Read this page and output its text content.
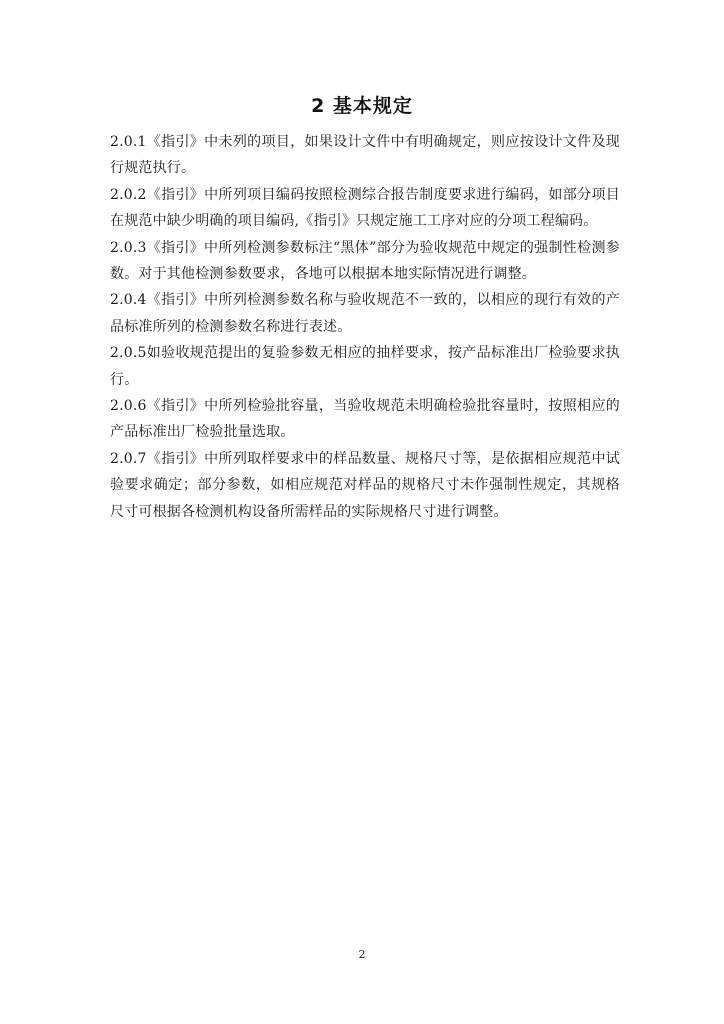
2 基本规定

2.0.1《指引》中未列的项目，如果设计文件中有明确规定，则应按设计文件及现行规范执行。

2.0.2《指引》中所列项目编码按照检测综合报告制度要求进行编码，如部分项目在规范中缺少明确的项目编码,《指引》只规定施工工序对应的分项工程编码。

2.0.3《指引》中所列检测参数标注“黑体”部分为验收规范中规定的强制性检测参数。对于其他检测参数要求，各地可以根据本地实际情况进行调整。

2.0.4《指引》中所列检测参数名称与验收规范不一致的，以相应的现行有效的产品标准所列的检测参数名称进行表述。

2.0.5如验收规范提出的复验参数无相应的抽样要求，按产品标准出厂检验要求执行。

2.0.6《指引》中所列检验批容量，当验收规范未明确检验批容量时，按照相应的产品标准出厂检验批量选取。

2.0.7《指引》中所列取样要求中的样品数量、规格尺寸等，是依据相应规范中试验要求确定；部分参数，如相应规范对样品的规格尺寸未作强制性规定，其规格尺寸可根据各检测机构设备所需样品的实际规格尺寸进行调整。

2
